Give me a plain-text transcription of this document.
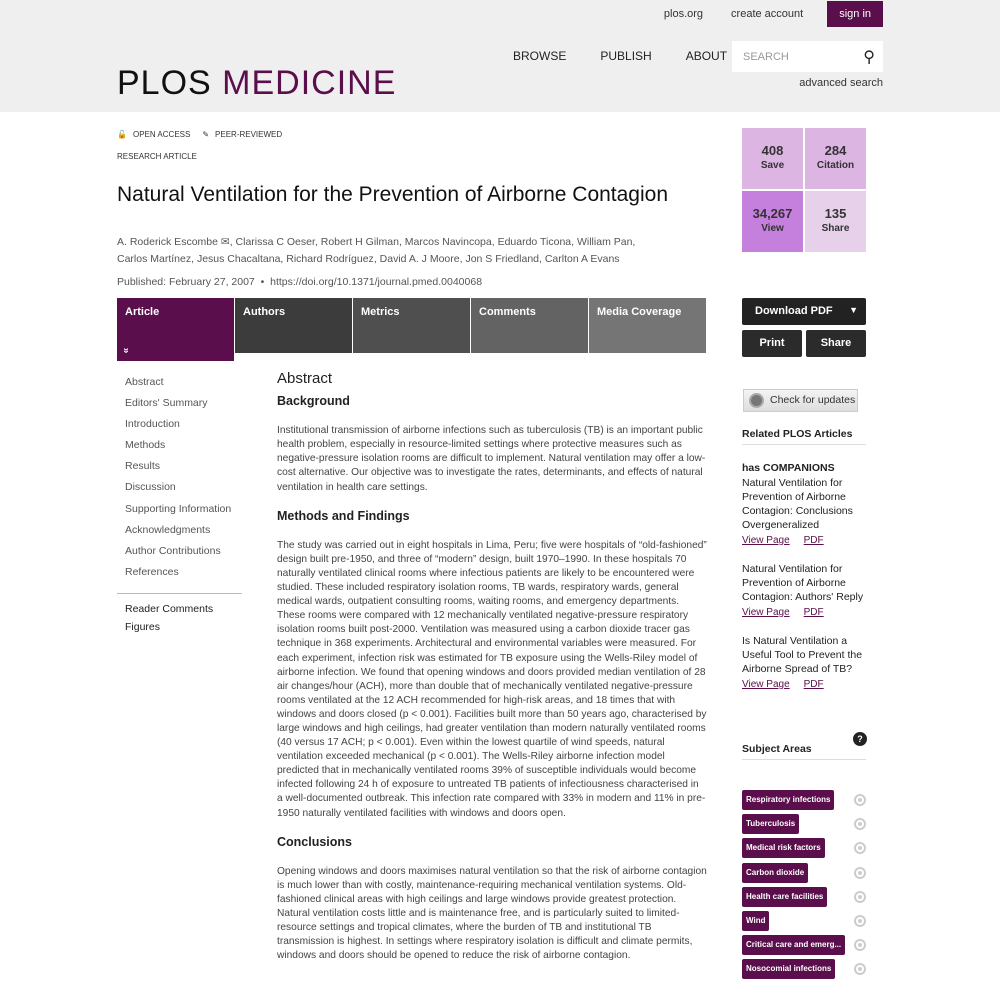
plos.org	create account	sign in
PLOS MEDICINE
BROWSE	PUBLISH	ABOUT	SEARCH	⚲
advanced search
🔓 OPEN ACCESS ✎ PEER-REVIEWED
RESEARCH ARTICLE
Natural Ventilation for the Prevention of Airborne Contagion
A. Roderick Escombe ✉, Clarissa C Oeser, Robert H Gilman, Marcos Navincopa, Eduardo Ticona, William Pan,
Carlos Martínez, Jesus Chacaltana, Richard Rodríguez, David A. J Moore, Jon S Friedland, Carlton A Evans
Published: February 27, 2007  •  https://doi.org/10.1371/journal.pmed.0040068
Article
»
Authors	Metrics	Comments	Media Coverage
Abstract
Editors' Summary
Introduction
Methods
Results
Discussion
Supporting Information
Acknowledgments
Author Contributions
References
Reader Comments
Figures
Abstract
Background

Institutional transmission of airborne infections such as tuberculosis (TB) is an important public health problem, especially in resource-limited settings where protective measures such as negative-pressure isolation rooms are difficult to implement. Natural ventilation may offer a low-cost alternative. Our objective was to investigate the rates, determinants, and effects of natural ventilation in health care settings.

Methods and Findings

The study was carried out in eight hospitals in Lima, Peru; five were hospitals of “old-fashioned” design built pre-1950, and three of “modern” design, built 1970–1990. In these hospitals 70 naturally ventilated clinical rooms where infectious patients are likely to be encountered were studied. These included respiratory isolation rooms, TB wards, respiratory wards, general medical wards, outpatient consulting rooms, waiting rooms, and emergency departments. These rooms were compared with 12 mechanically ventilated negative-pressure respiratory isolation rooms built post-2000. Ventilation was measured using a carbon dioxide tracer gas technique in 368 experiments. Architectural and environmental variables were measured. For each experiment, infection risk was estimated for TB exposure using the Wells-Riley model of airborne infection. We found that opening windows and doors provided median ventilation of 28 air changes/hour (ACH), more than double that of mechanically ventilated negative-pressure rooms ventilated at the 12 ACH recommended for high-risk areas, and 18 times that with windows and doors closed (p < 0.001). Facilities built more than 50 years ago, characterised by large windows and high ceilings, had greater ventilation than modern naturally ventilated rooms (40 versus 17 ACH; p < 0.001). Even within the lowest quartile of wind speeds, natural ventilation exceeded mechanical (p < 0.001). The Wells-Riley airborne infection model predicted that in mechanically ventilated rooms 39% of susceptible individuals would become infected following 24 h of exposure to untreated TB patients of infectiousness characterised in a well-documented outbreak. This infection rate compared with 33% in modern and 11% in pre-1950 naturally ventilated facilities with windows and doors open.

Conclusions

Opening windows and doors maximises natural ventilation so that the risk of airborne contagion is much lower than with costly, maintenance-requiring mechanical ventilation systems. Old-fashioned clinical areas with high ceilings and large windows provide greatest protection. Natural ventilation costs little and is maintenance free, and is particularly suited to limited-resource settings and tropical climates, where the burden of TB and institutional TB transmission is highest. In settings where respiratory isolation is difficult and climate permits, windows and doors should be opened to reduce the risk of airborne contagion.

408
Save
284
Citation
34,267
View
135
Share
Download PDF ▼
Print	Share
Check for updates
Related PLOS Articles
has COMPANIONS
Natural Ventilation for Prevention of Airborne Contagion: Conclusions Overgeneralized
View Page PDF
Natural Ventilation for Prevention of Airborne Contagion: Authors' Reply
View Page PDF
Is Natural Ventilation a Useful Tool to Prevent the Airborne Spread of TB?
View Page PDF
Subject Areas
?
Respiratory infections
Tuberculosis
Medical risk factors
Carbon dioxide
Health care facilities
Wind
Critical care and emerg...
Nosocomial infections
